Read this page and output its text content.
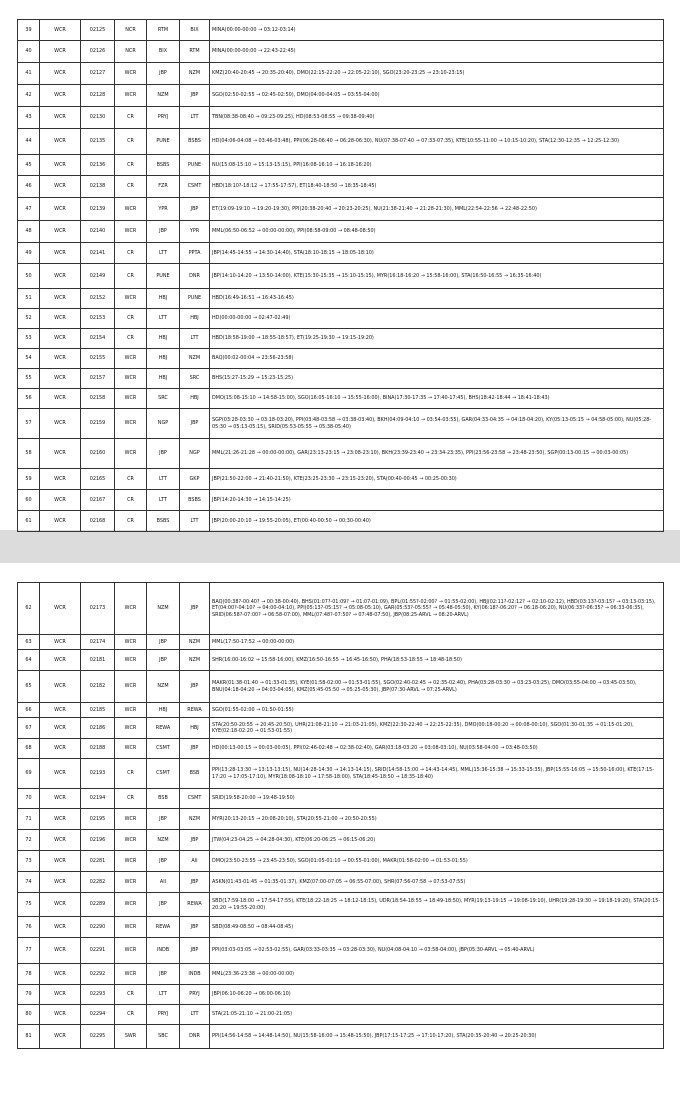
39	WCR	02125	NCR	RTM	BIX	MINA(00:00-00:00 → 03:12-03:14)
40	WCR	02126	NCR	BIX	RTM	MINA(00:00-00:00 → 22:43-22:45)
41	WCR	02127	WCR	JBP	NZM	KMZ(20:40-20:45 → 20:35-20:40), DMO(22:15-22:20 → 22:05-22:10), SGO(23:20-23:25 → 23:10-23:15)
42	WCR	02128	WCR	NZM	JBP	SGO(02:50-02:55 → 02:45-02:50), DMO(04:00-04:05 → 03:55-04:00)
43	WCR	02130	CR	PRYJ	LTT	TBN(08:38-08:40 → 09:23-09:25), HD(08:53-08:55 → 09:38-09:40)
44	WCR	02135	CR	PUNE	BSBS	HD(04:06-04:08 → 03:46-03:48), PPI(06:28-06:40 → 06:28-06:30), NU(07:38-07:40 → 07:33-07:35), KTE(10:55-11:00 → 10:15-10:20), STA(12:30-12:35 → 12:25-12:30)
45	WCR	02136	CR	BSBS	PUNE	NU(15:08-15:10 → 15:13-15:15), PPI(16:08-16:10 → 16:18-16:20)
46	WCR	02138	CR	FZR	CSMT	HBD(18:10?-18:12 → 17:55-17:57), ET(18:40-18:50 → 18:35-18:45)
47	WCR	02139	WCR	YPR	JBP	ET(19:09-19:10 → 19:20-19:30), PPI(20:38-20:40 → 20:23-20:25), NU(21:38-21:40 → 21:28-21:30), MML(22:54-22:56 → 22:48-22:50)
48	WCR	02140	WCR	JBP	YPR	MML(06:50-06:52 → 00:00-00:00), PPI(08:58-09:00 → 08:48-08:50)
49	WCR	02141	CR	LTT	PPTA	JBP(14:45-14:55 → 14:30-14:40), STA(18:10-18:15 → 18:05-18:10)
50	WCR	02149	CR	PUNE	DNR	JBP(14:10-14:20 → 13:50-14:00), KTE(15:30-15:35 → 15:10-15:15), MYR(16:18-16:20 → 15:58-16:00), STA(16:50-16:55 → 16:35-16:40)
51	WCR	02152	WCR	HBJ	PUNE	HBD(16:49-16:51 → 16:43-16:45)
52	WCR	02153	CR	LTT	HBJ	HD(00:00-00:00 → 02:47-02:49)
53	WCR	02154	CR	HBJ	LTT	HBD(18:58-19:00 → 18:55-18:57), ET(19:25-19:30 → 19:15-19:20)
54	WCR	02155	WCR	HBJ	NZM	BAQ(00:02-00:04 → 23:56-23:58)
55	WCR	02157	WCR	HBJ	SRC	BHS(15:27-15:29 → 15:23-15:25)
56	WCR	02158	WCR	SRC	HBJ	DMO(15:08-15:10 → 14:58-15:00), SGO(16:05-16:10 → 15:55-16:00), BINA(17:30-17:35 → 17:40-17:45), BHS(18:42-18:44 → 18:41-18:43)
57	WCR	02159	WCR	NGP	JBP	SGP(03:28-03:30 → 03:18-03:20), PPI(03:48-03:58 → 03:38-03:40), BKH(04:09-04:10 → 03:54-03:55), GAR(04:33-04:35 → 04:18-04:20), KY(05:13-05:15 → 04:58-05:00), NU(05:28-05:30 → 05:13-05:15), SRID(05:53-05:55 → 05:38-05:40)
58	WCR	02160	WCR	JBP	NGP	MML(21:26-21:28 → 00:00-00:00), GAR(23:13-23:15 → 23:08-23:10), BKH(23:39-23:40 → 23:34-23:35), PPI(23:56-23:58 → 23:48-23:50), SGP(00:13-00:15 → 00:03-00:05)
59	WCR	02165	CR	LTT	GKP	JBP(21:50-22:00 → 21:40-21:50), KTE(23:25-23:30 → 23:15-23:20), STA(00:40-00:45 → 00:25-00:30)
60	WCR	02167	CR	LTT	BSBS	JBP(14:20-14:30 → 14:15-14:25)
61	WCR	02168	CR	BSBS	LTT	JBP(20:00-20:10 → 19:55-20:05), ET(00:40-00:50 → 00:30-00:40)
62	WCR	02173	WCR	NZM	JBP	BAQ(00:38?-00:40? → 00:38-00:40), BHS(01:07?-01:09? → 01:07-01:09), BPL(01:55?-02:00? → 01:55-02:00), HBJ(02:11?-02:12? → 02:10-02:12), HBD(03:13?-03:15? → 03:13-03:15), ET(04:00?-04:10? → 04:00-04:10), PPI(05:13?-05:15? → 05:08-05:10), GAR(05:53?-05:55? → 05:48-05:50), KY(06:18?-06:20? → 06:18-06:20), NU(06:33?-06:35? → 06:33-06:35), SRID(06:58?-07:00? → 06:58-07:00), MML(07:48?-07:50? → 07:48-07:50), JBP(08:25-ARVL → 08:20-ARVL)
63	WCR	02174	WCR	JBP	NZM	MML(17:50-17:52 → 00:00-00:00)
64	WCR	02181	WCR	JBP	NZM	SHR(16:00-16:02 → 15:58-16:00), KMZ(16:50-16:55 → 16:45-16:50), PHA(18:53-18:55 → 18:48-18:50)
65	WCR	02182	WCR	NZM	JBP	MAKR(01:38-01:40 → 01:33-01:35), KYE(01:58-02:00 → 01:53-01:55), SGO(02:40-02:45 → 02:35-02:40), PHA(03:28-03:30 → 03:23-03:25), DMO(03:55-04:00 → 03:45-03:50), BNU(04:18-04:20 → 04:03-04:05), KMZ(05:45-05:50 → 05:25-05:30), JBP(07:30-ARVL → 07:25-ARVL)
66	WCR	02185	WCR	HBJ	REWA	SGO(01:55-02:00 → 01:50-01:55)
67	WCR	02186	WCR	REWA	HBJ	STA(20:50-20:55 → 20:45-20:50), UHR(21:08-21:10 → 21:03-21:05), KMZ(22:30-22:40 → 22:25-22:35), DMO(00:18-00:20 → 00:08-00:10), SGO(01:30-01:35 → 01:15-01:20), KYE(02:18-02:20 → 01:53-01:55)
68	WCR	02188	WCR	CSMT	JBP	HD(00:13-00:15 → 00:03-00:05), PPI(02:46-02:48 → 02:38-02:40), GAR(03:18-03:20 → 03:08-03:10), NU(03:58-04:00 → 03:48-03:50)
69	WCR	02193	CR	CSMT	BSB	PPI(13:28-13:30 → 13:13-13:15), NU(14:28-14:30 → 14:13-14:15), SRID(14:58-15:00 → 14:43-14:45), MML(15:36-15:38 → 15:33-15:35), JBP(15:55-16:05 → 15:50-16:00), KTE(17:15-17:20 → 17:05-17:10), MYR(18:08-18:10 → 17:58-18:00), STA(18:45-18:50 → 18:35-18:40)
70	WCR	02194	CR	BSB	CSMT	SRID(19:58-20:00 → 19:48-19:50)
71	WCR	02195	WCR	JBP	NZM	MYR(20:13-20:15 → 20:08-20:10), STA(20:55-21:00 → 20:50-20:55)
72	WCR	02196	WCR	NZM	JBP	JTW(04:23-04:25 → 04:28-04:30), KTE(06:20-06:25 → 06:15-06:20)
73	WCR	02281	WCR	JBP	AII	DMO(23:50-23:55 → 23:45-23:50), SGO(01:05-01:10 → 00:55-01:00), MAKR(01:58-02:00 → 01:53-01:55)
74	WCR	02282	WCR	AII	JBP	ASKN(01:43-01:45 → 01:35-01:37), KMZ(07:00-07:05 → 06:55-07:00), SHR(07:56-07:58 → 07:53-07:55)
75	WCR	02289	WCR	JBP	REWA	SBD(17:59-18:00 → 17:54-17:55), KTE(18:22-18:25 → 18:12-18:15), UDR(18:54-18:55 → 18:49-18:50), MYR(19:13-19:15 → 19:08-19:10), UHR(19:28-19:30 → 19:18-19:20), STA(20:15-20:20 → 19:55-20:00)
76	WCR	02290	WCR	REWA	JBP	SBD(08:49-08:50 → 08:44-08:45)
77	WCR	02291	WCR	INDB	JBP	PPI(03:03-03:05 → 02:53-02:55), GAR(03:33-03:35 → 03:28-03:30), NU(04:08-04:10 → 03:58-04:00), JBP(05:30-ARVL → 05:40-ARVL)
78	WCR	02292	WCR	JBP	INDB	MML(23:36-23:38 → 00:00-00:00)
79	WCR	02293	CR	LTT	PRYJ	JBP(06:10-06:20 → 06:00-06:10)
80	WCR	02294	CR	PRYJ	LTT	STA(21:05-21:10 → 21:00-21:05)
81	WCR	02295	SWR	SBC	DNR	PPI(14:56-14:58 → 14:48-14:50), NU(15:58-16:00 → 15:48-15:50), JBP(17:15-17:25 → 17:10-17:20), STA(20:35-20:40 → 20:25-20:30)
